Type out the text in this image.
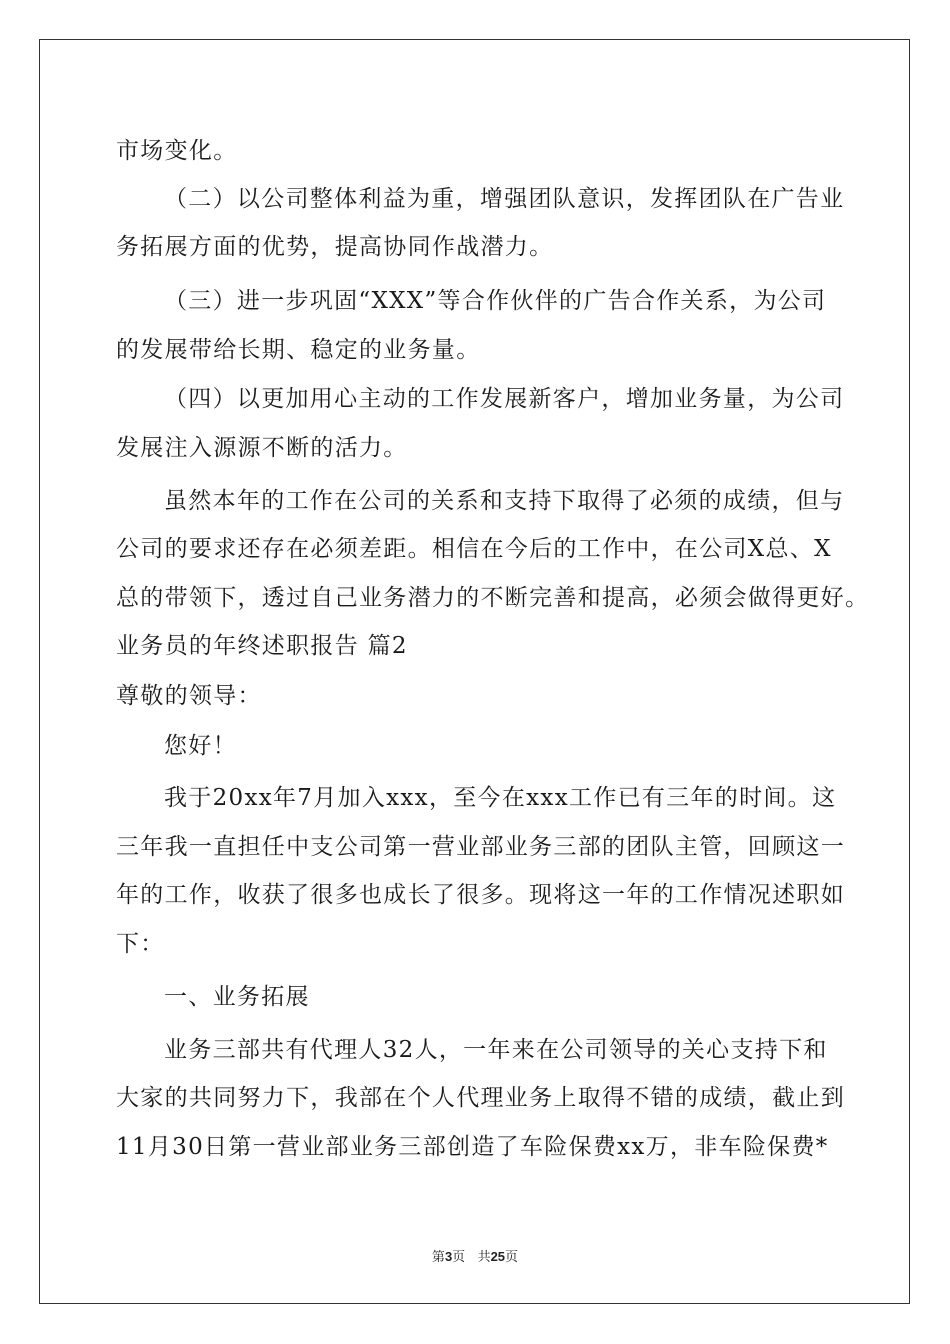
市场变化。
（二）以公司整体利益为重，增强团队意识，发挥团队在广告业
务拓展方面的优势，提高协同作战潜力。
（三）进一步巩固“XXX”等合作伙伴的广告合作关系，为公司
的发展带给长期、稳定的业务量。
（四）以更加用心主动的工作发展新客户，增加业务量，为公司
发展注入源源不断的活力。
虽然本年的工作在公司的关系和支持下取得了必须的成绩，但与
公司的要求还存在必须差距。相信在今后的工作中，在公司X总、X
总的带领下，透过自己业务潜力的不断完善和提高，必须会做得更好。
业务员的年终述职报告 篇2
尊敬的领导：
您好！
我于20xx年7月加入xxx，至今在xxx工作已有三年的时间。这
三年我一直担任中支公司第一营业部业务三部的团队主管，回顾这一
年的工作，收获了很多也成长了很多。现将这一年的工作情况述职如
下：
一、业务拓展
业务三部共有代理人32人，一年来在公司领导的关心支持下和
大家的共同努力下，我部在个人代理业务上取得不错的成绩，截止到
11月30日第一营业部业务三部创造了车险保费xx万，非车险保费*
第3页   共25页
